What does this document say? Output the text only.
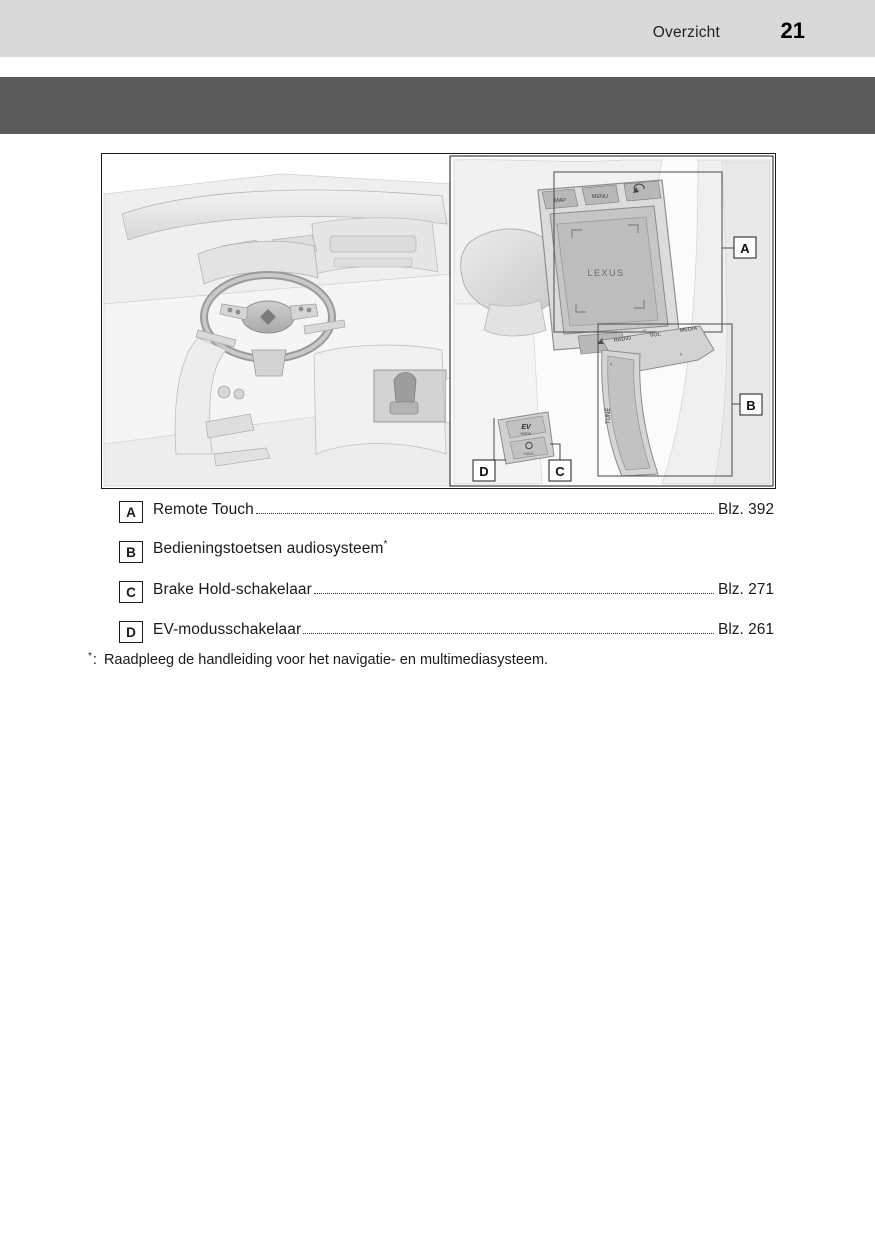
Overzicht	21
LEXUS
MAP
MENU
A
RADIO
VOL
MEDIA
–
‹
›
TUNE
B
EV
MODE
HOLD
D	C
A	Remote Touch	Blz. 392
B	Bedieningstoetsen audiosysteem*
C	Brake Hold-schakelaar	Blz. 271
D	EV-modusschakelaar	Blz. 261
* : Raadpleeg de handleiding voor het navigatie- en multimediasysteem.
